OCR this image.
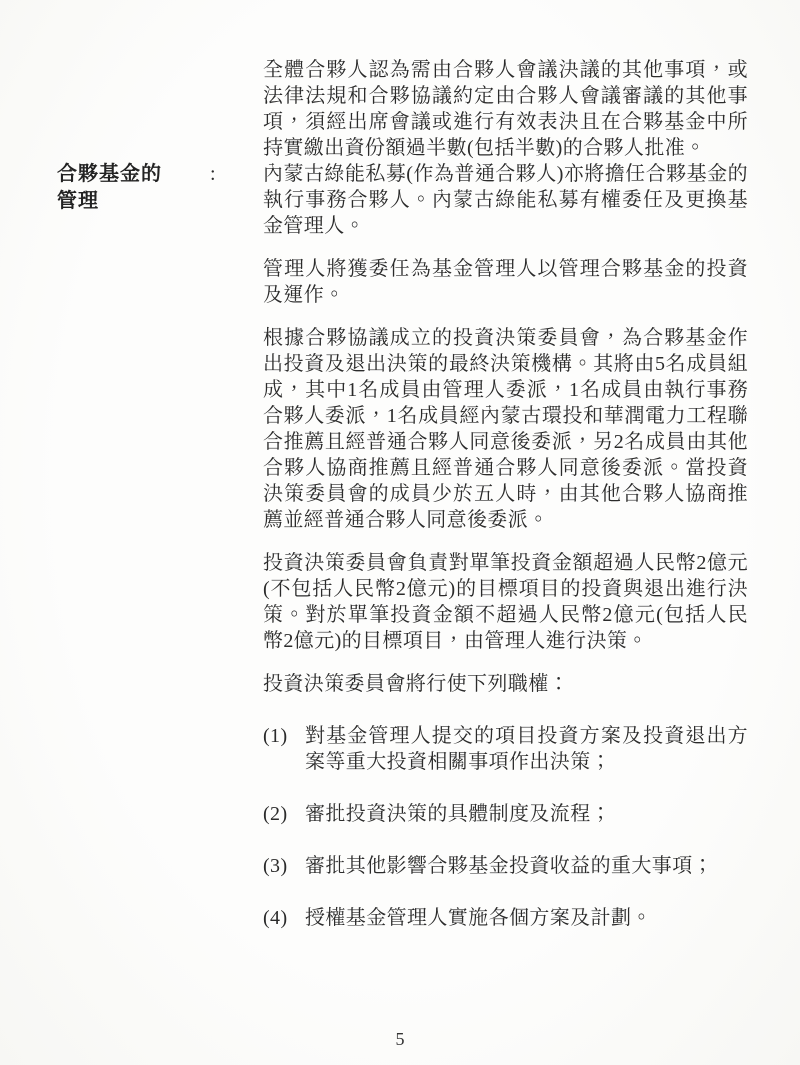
全體合夥人認為需由合夥人會議決議的其他事項，或法律法規和合夥協議約定由合夥人會議審議的其他事項，須經出席會議或進行有效表決且在合夥基金中所持實繳出資份額過半數(包括半數)的合夥人批准。

合夥基金的
管理
: 內蒙古綠能私募(作為普通合夥人)亦將擔任合夥基金的執行事務合夥人。內蒙古綠能私募有權委任及更換基金管理人。

管理人將獲委任為基金管理人以管理合夥基金的投資及運作。

根據合夥協議成立的投資決策委員會，為合夥基金作出投資及退出決策的最終決策機構。其將由5名成員組成，其中1名成員由管理人委派，1名成員由執行事務合夥人委派，1名成員經內蒙古環投和華潤電力工程聯合推薦且經普通合夥人同意後委派，另2名成員由其他合夥人協商推薦且經普通合夥人同意後委派。當投資決策委員會的成員少於五人時，由其他合夥人協商推薦並經普通合夥人同意後委派。

投資決策委員會負責對單筆投資金額超過人民幣2億元(不包括人民幣2億元)的目標項目的投資與退出進行決策。對於單筆投資金額不超過人民幣2億元(包括人民幣2億元)的目標項目，由管理人進行決策。

投資決策委員會將行使下列職權：

(1) 對基金管理人提交的項目投資方案及投資退出方案等重大投資相關事項作出決策；
(2) 審批投資決策的具體制度及流程；
(3) 審批其他影響合夥基金投資收益的重大事項；
(4) 授權基金管理人實施各個方案及計劃。
5
